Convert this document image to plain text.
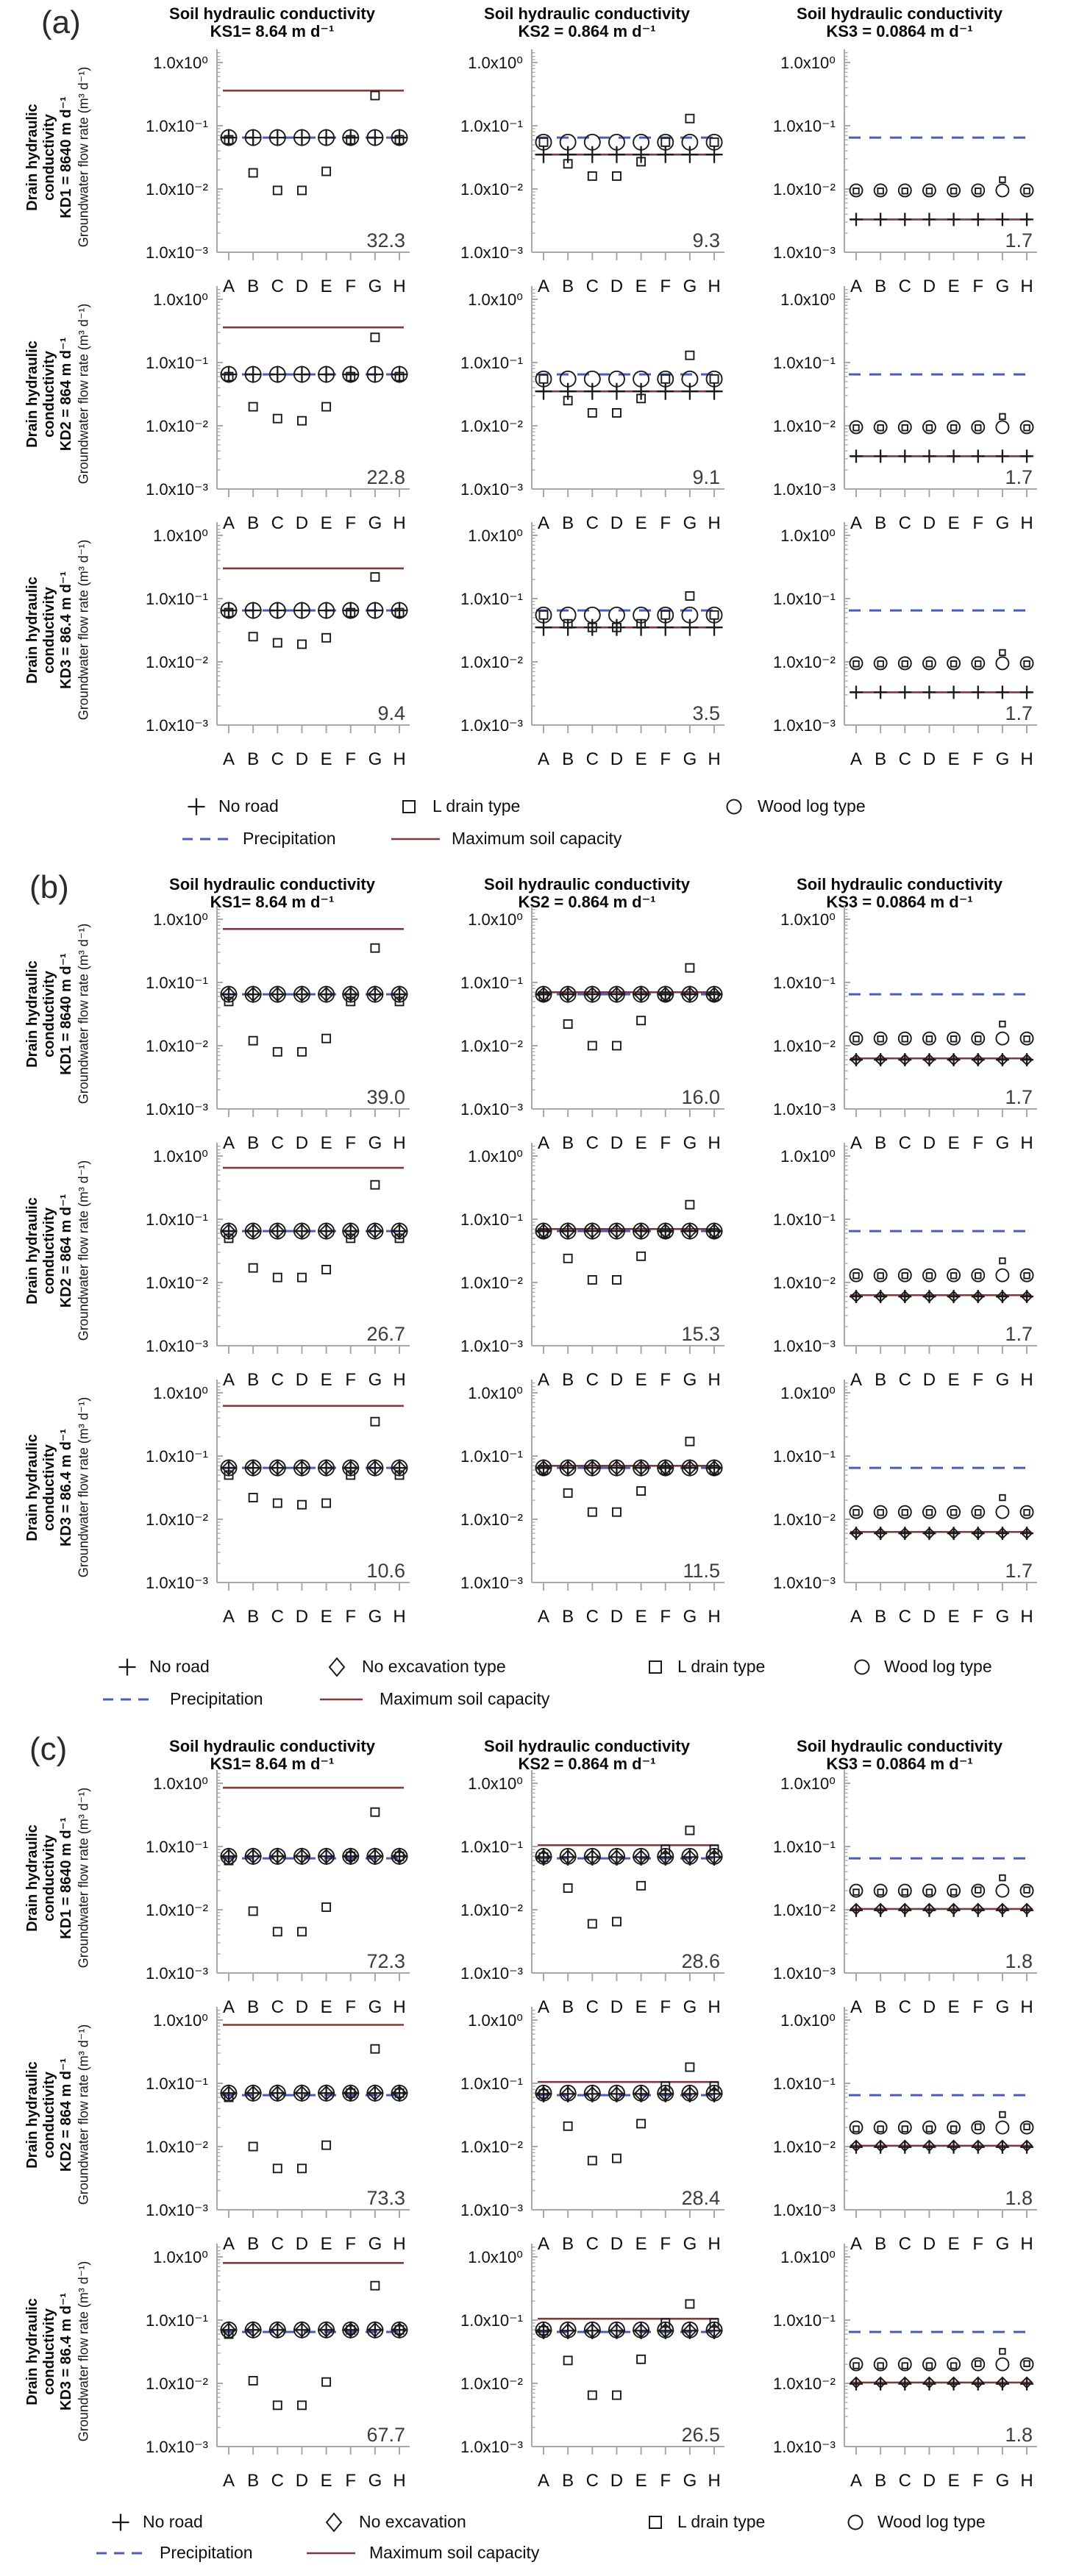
(a)	Soil hydraulic conductivity
KS1= 8.64 m d⁻¹
Soil hydraulic conductivity
KS2 = 0.864 m d⁻¹
Soil hydraulic conductivity
KS3 = 0.0864 m d⁻¹
Drain hydraulic conductivity KD1 = 8640 m d⁻¹ Groundwater flow rate (m³ d⁻¹)
1.0x10⁰
1.0x10⁻¹
1.0x10⁻²
1.0x10⁻³
A B C D E F G H
32.3
1.0x10⁰
1.0x10⁻¹
1.0x10⁻²
1.0x10⁻³
A B C D E F G H
9.3
1.0x10⁰
1.0x10⁻¹
1.0x10⁻²
1.0x10⁻³
A B C D E F G H
1.7
Drain hydraulic conductivity KD2 = 864 m d⁻¹ Groundwater flow rate (m³ d⁻¹)
1.0x10⁰
1.0x10⁻¹
1.0x10⁻²
1.0x10⁻³
A B C D E F G H
22.8
1.0x10⁰
1.0x10⁻¹
1.0x10⁻²
1.0x10⁻³
A B C D E F G H
9.1
1.0x10⁰
1.0x10⁻¹
1.0x10⁻²
1.0x10⁻³
A B C D E F G H
1.7
Drain hydraulic conductivity KD3 = 86.4 m d⁻¹ Groundwater flow rate (m³ d⁻¹)
1.0x10⁰
1.0x10⁻¹
1.0x10⁻²
1.0x10⁻³
A B C D E F G H
9.4
1.0x10⁰
1.0x10⁻¹
1.0x10⁻²
1.0x10⁻³
A B C D E F G H
3.5
1.0x10⁰
1.0x10⁻¹
1.0x10⁻²
1.0x10⁻³
A B C D E F G H
1.7
No road	L drain type	Wood log type
Precipitation	Maximum soil capacity
(b)	Soil hydraulic conductivity
KS1= 8.64 m d⁻¹
Soil hydraulic conductivity
KS2 = 0.864 m d⁻¹
Soil hydraulic conductivity
KS3 = 0.0864 m d⁻¹
Drain hydraulic conductivity KD1 = 8640 m d⁻¹ Groundwater flow rate (m³ d⁻¹)
1.0x10⁰
1.0x10⁻¹
1.0x10⁻²
1.0x10⁻³
A B C D E F G H
39.0
1.0x10⁰
1.0x10⁻¹
1.0x10⁻²
1.0x10⁻³
A B C D E F G H
16.0
1.0x10⁰
1.0x10⁻¹
1.0x10⁻²
1.0x10⁻³
A B C D E F G H
1.7
Drain hydraulic conductivity KD2 = 864 m d⁻¹ Groundwater flow rate (m³ d⁻¹)
1.0x10⁰
1.0x10⁻¹
1.0x10⁻²
1.0x10⁻³
A B C D E F G H
26.7
1.0x10⁰
1.0x10⁻¹
1.0x10⁻²
1.0x10⁻³
A B C D E F G H
15.3
1.0x10⁰
1.0x10⁻¹
1.0x10⁻²
1.0x10⁻³
A B C D E F G H
1.7
Drain hydraulic conductivity KD3 = 86.4 m d⁻¹ Groundwater flow rate (m³ d⁻¹)
1.0x10⁰
1.0x10⁻¹
1.0x10⁻²
1.0x10⁻³
A B C D E F G H
10.6
1.0x10⁰
1.0x10⁻¹
1.0x10⁻²
1.0x10⁻³
A B C D E F G H
11.5
1.0x10⁰
1.0x10⁻¹
1.0x10⁻²
1.0x10⁻³
A B C D E F G H
1.7
No road	No excavation type	L drain type	Wood log type
Precipitation	Maximum soil capacity
(c)	Soil hydraulic conductivity
KS1= 8.64 m d⁻¹
Soil hydraulic conductivity
KS2 = 0.864 m d⁻¹
Soil hydraulic conductivity
KS3 = 0.0864 m d⁻¹
Drain hydraulic conductivity KD1 = 8640 m d⁻¹ Groundwater flow rate (m³ d⁻¹)
1.0x10⁰
1.0x10⁻¹
1.0x10⁻²
1.0x10⁻³
A B C D E F G H
72.3
1.0x10⁰
1.0x10⁻¹
1.0x10⁻²
1.0x10⁻³
A B C D E F G H
28.6
1.0x10⁰
1.0x10⁻¹
1.0x10⁻²
1.0x10⁻³
A B C D E F G H
1.8
Drain hydraulic conductivity KD2 = 864 m d⁻¹ Groundwater flow rate (m³ d⁻¹)
1.0x10⁰
1.0x10⁻¹
1.0x10⁻²
1.0x10⁻³
A B C D E F G H
73.3
1.0x10⁰
1.0x10⁻¹
1.0x10⁻²
1.0x10⁻³
A B C D E F G H
28.4
1.0x10⁰
1.0x10⁻¹
1.0x10⁻²
1.0x10⁻³
A B C D E F G H
1.8
Drain hydraulic conductivity KD3 = 86.4 m d⁻¹ Groundwater flow rate (m³ d⁻¹)
1.0x10⁰
1.0x10⁻¹
1.0x10⁻²
1.0x10⁻³
A B C D E F G H
67.7
1.0x10⁰
1.0x10⁻¹
1.0x10⁻²
1.0x10⁻³
A B C D E F G H
26.5
1.0x10⁰
1.0x10⁻¹
1.0x10⁻²
1.0x10⁻³
A B C D E F G H
1.8
No road	No excavation	L drain type	Wood log type
Precipitation	Maximum soil capacity
